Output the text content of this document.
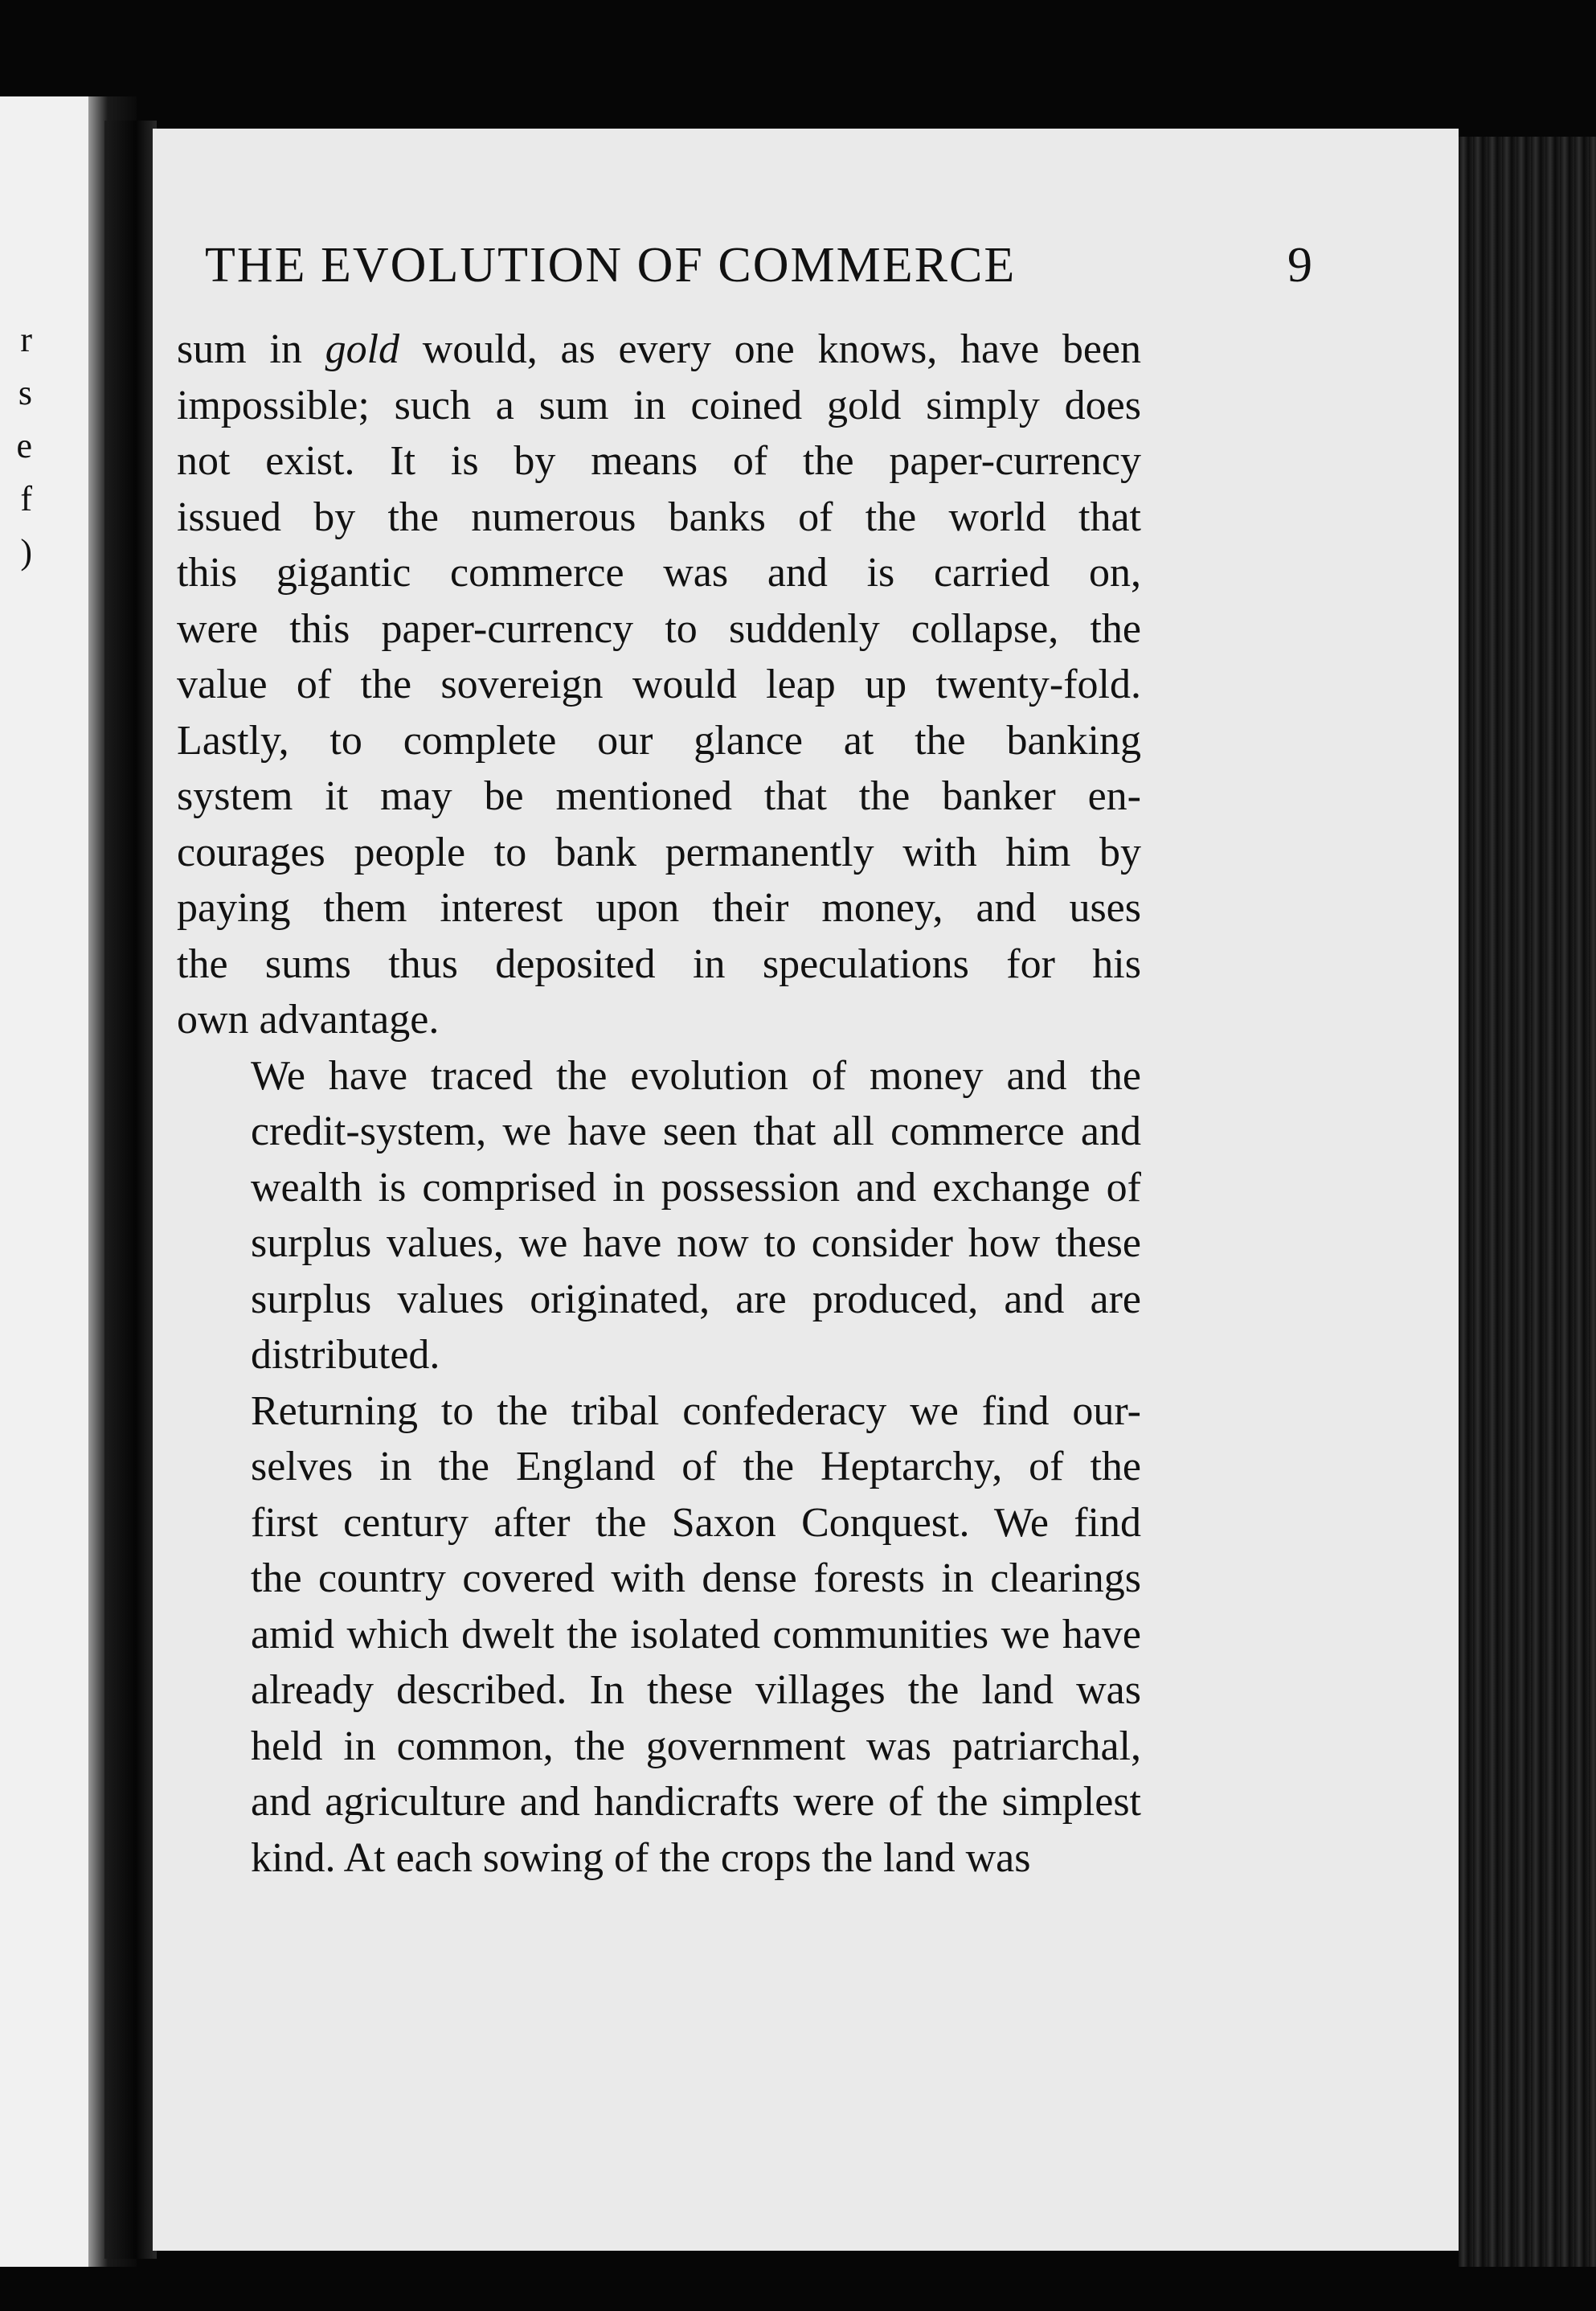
r
s
e
f
)
THE EVOLUTION OF COMMERCE	9

sum in gold would, as every one knows, have been
impossible; such a sum in coined gold simply does
not exist. It is by means of the paper-currency
issued by the numerous banks of the world that
this gigantic commerce was and is carried on,
were this paper-currency to suddenly collapse, the
value of the sovereign would leap up twenty-fold.
Lastly, to complete our glance at the banking
system it may be mentioned that the banker en-
courages people to bank permanently with him by
paying them interest upon their money, and uses
the sums thus deposited in speculations for his
own advantage.

We have traced the evolution of money and the
credit-system, we have seen that all commerce and
wealth is comprised in possession and exchange of
surplus values, we have now to consider how these
surplus values originated, are produced, and are
distributed.

Returning to the tribal confederacy we find our-
selves in the England of the Heptarchy, of the
first century after the Saxon Conquest. We find
the country covered with dense forests in clearings
amid which dwelt the isolated communities we have
already described. In these villages the land was
held in common, the government was patriarchal,
and agriculture and handicrafts were of the simplest
kind. At each sowing of the crops the land was
